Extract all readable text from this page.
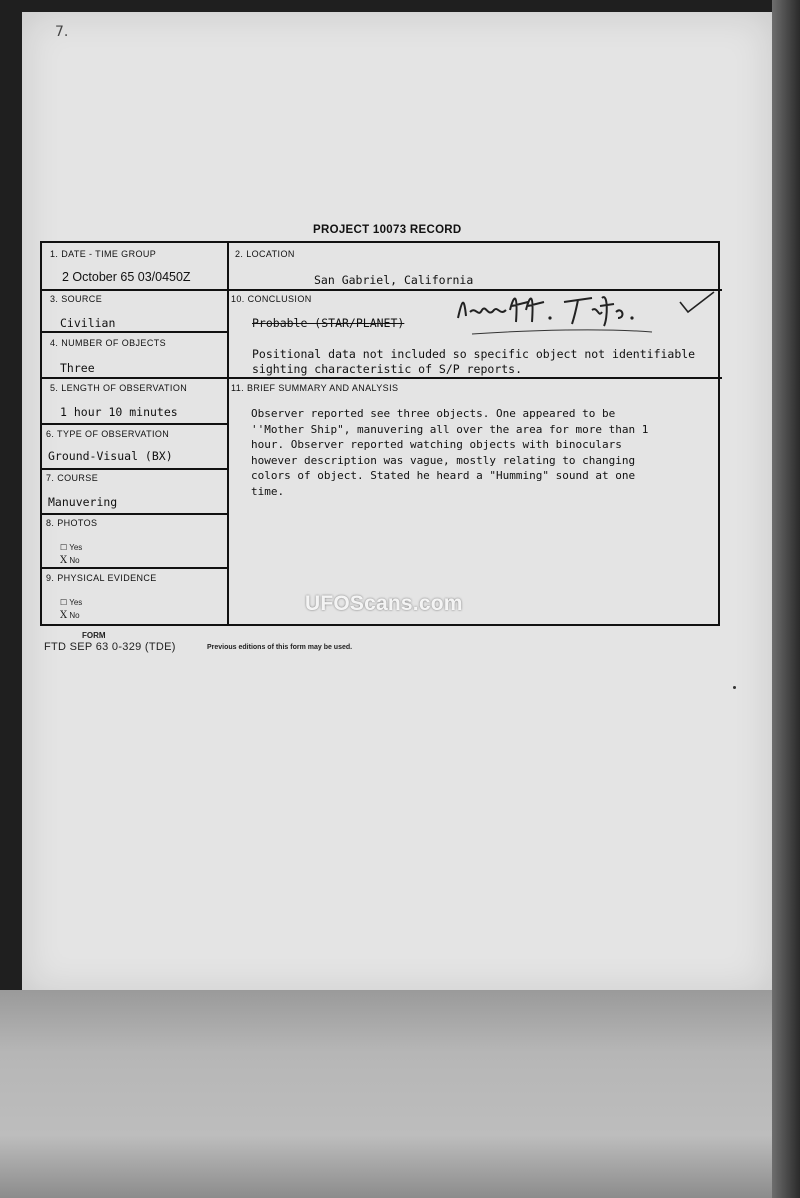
7.
PROJECT 10073 RECORD
1. DATE - TIME GROUP
2 October 65 03/0450Z
2. LOCATION
San Gabriel, California
3. SOURCE
Civilian
10. CONCLUSION
Probable (STAR/PLANET)
Positional data not included so specific object not identifiable
sighting characteristic of S/P reports.
4. NUMBER OF OBJECTS
Three
5. LENGTH OF OBSERVATION
1 hour 10 minutes
11. BRIEF SUMMARY AND ANALYSIS
Observer reported see three objects. One appeared to be
''Mother Ship", manuvering all over the area for more than 1
hour. Observer reported watching objects with binoculars
however description was vague, mostly relating to changing
colors of object. Stated he heard a "Humming" sound at one
time.
6. TYPE OF OBSERVATION
Ground-Visual (BX)
7. COURSE
Manuvering
8. PHOTOS
☐ Yes
X No
9. PHYSICAL EVIDENCE
☐ Yes
X No
FORM
FTD SEP 63 0-329 (TDE)	Previous editions of this form may be used.
UFOScans.com
